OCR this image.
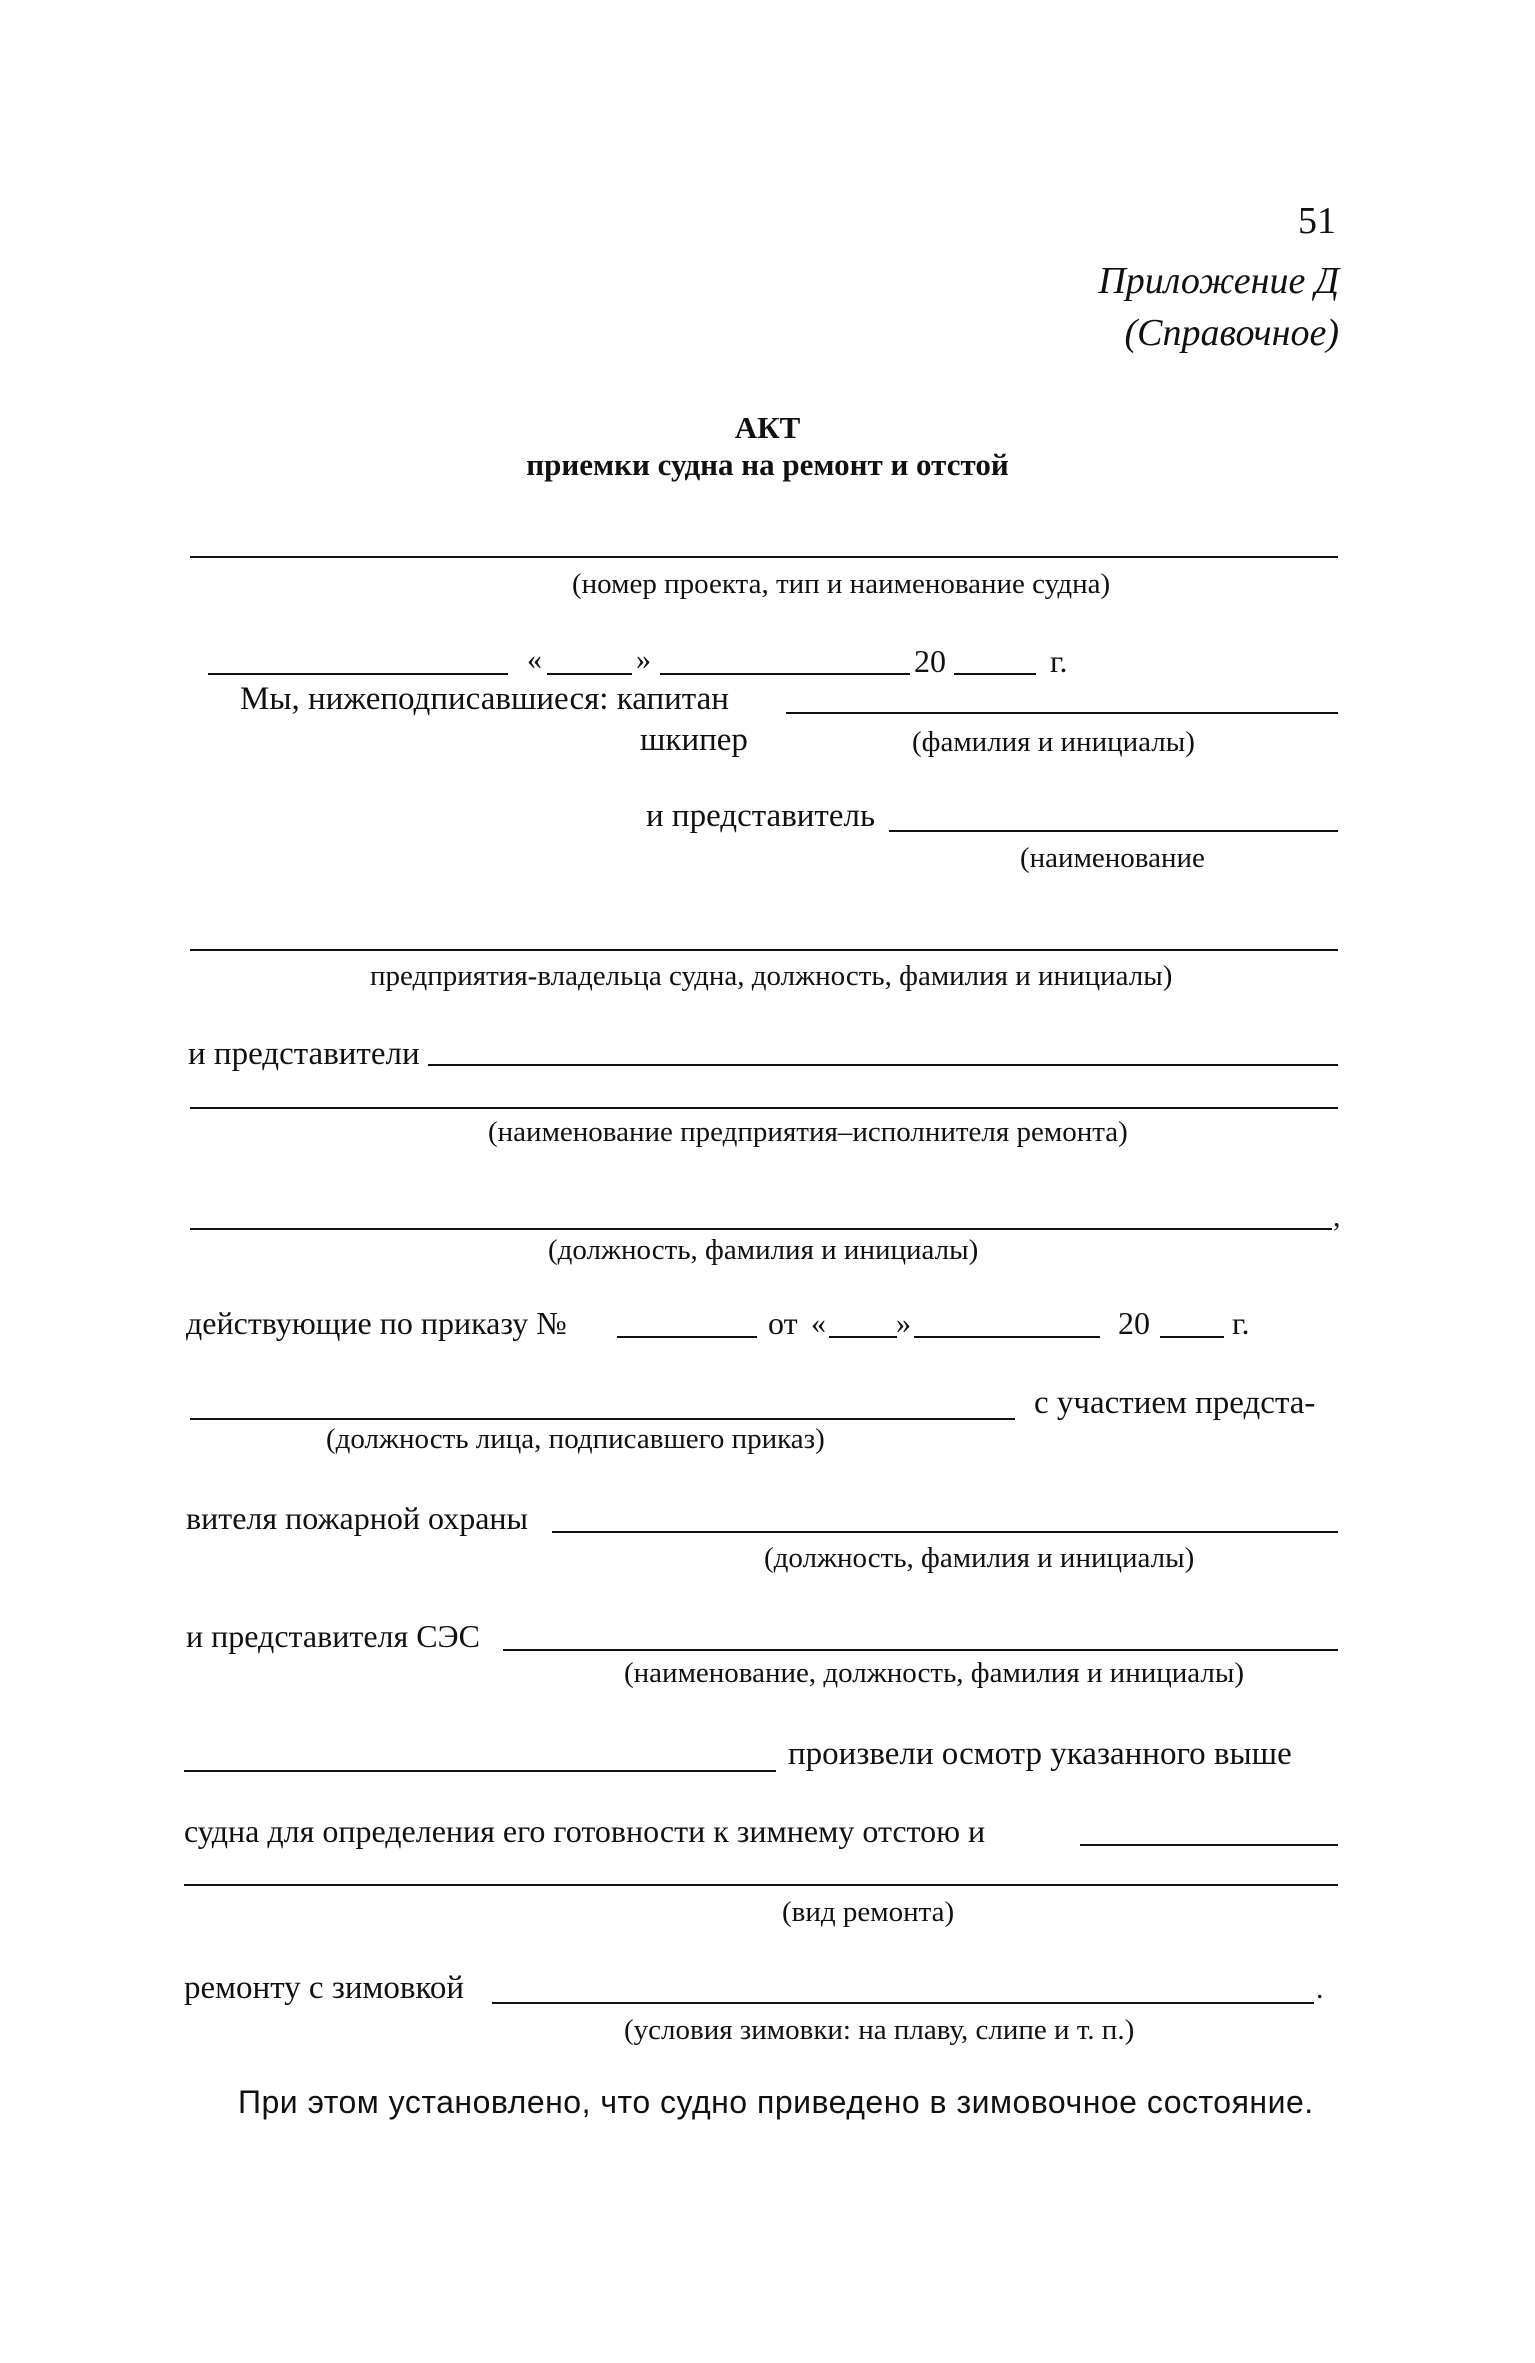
51
Приложение Д
(Справочное)
АКТ
приемки судна на ремонт и отстой
(номер проекта, тип и наименование судна)
«	»	20	г.
Мы, нижеподписавшиеся: капитан
шкипер	(фамилия и инициалы)
и представитель
(наименование
предприятия-владельца судна, должность, фамилия и инициалы)
и представители
(наименование предприятия–исполнителя ремонта)
,
(должность, фамилия и инициалы)
действующие по приказу №	от « »	20	г.
с участием предста-
(должность лица, подписавшего приказ)
вителя пожарной охраны
(должность, фамилия и инициалы)
и представителя СЭС
(наименование, должность, фамилия и инициалы)
произвели осмотр указанного выше
судна для определения его готовности к зимнему отстою и
(вид ремонта)
ремонту с зимовкой	.
(условия зимовки: на плаву, слипе и т. п.)
При этом установлено, что судно приведено в зимовочное состояние.
